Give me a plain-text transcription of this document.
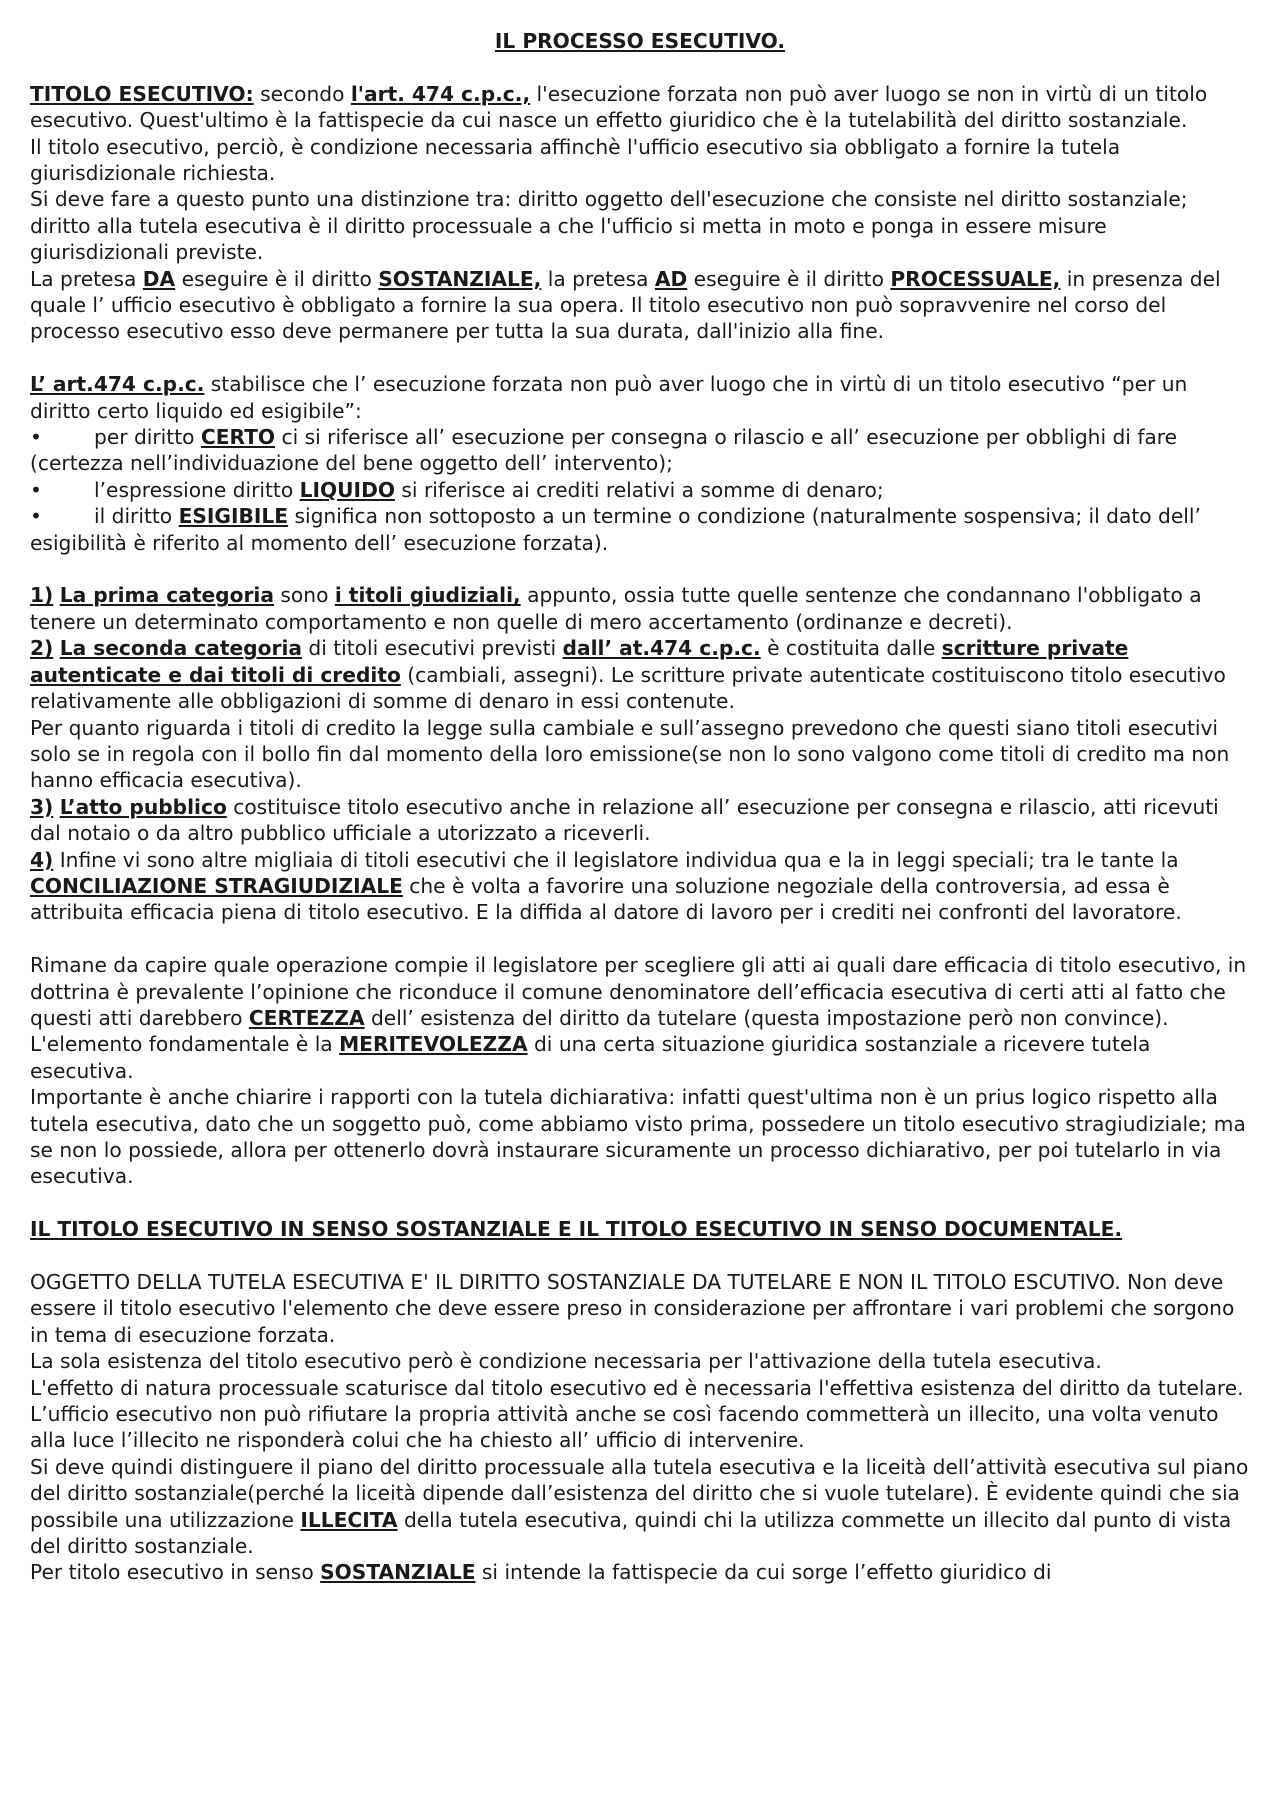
IL PROCESSO ESECUTIVO.

TITOLO ESECUTIVO: secondo l'art. 474 c.p.c., l'esecuzione forzata non può aver luogo se non in virtù di un titolo esecutivo. Quest'ultimo è la fattispecie da cui nasce un effetto giuridico che è la tutelabilità del diritto sostanziale.

Il titolo esecutivo, perciò, è condizione necessaria affinchè l'ufficio esecutivo sia obbligato a fornire la tutela giurisdizionale richiesta.

Si deve fare a questo punto una distinzione tra: diritto oggetto dell'esecuzione che consiste nel diritto sostanziale; diritto alla tutela esecutiva è il diritto processuale a che l'ufficio si metta in moto e ponga in essere misure giurisdizionali previste.

La pretesa DA eseguire è il diritto SOSTANZIALE, la pretesa AD eseguire è il diritto PROCESSUALE, in presenza del quale l’ ufficio esecutivo è obbligato a fornire la sua opera. Il titolo esecutivo non può sopravvenire nel corso del processo esecutivo esso deve permanere per tutta la sua durata, dall'inizio alla fine.

L’ art.474 c.p.c. stabilisce che l’ esecuzione forzata non può aver luogo che in virtù di un titolo esecutivo “per un diritto certo liquido ed esigibile”:

•	per diritto CERTO ci si riferisce all’ esecuzione per consegna o rilascio e all’ esecuzione per obblighi di fare (certezza nell’individuazione del bene oggetto dell’ intervento);

•	l’espressione diritto LIQUIDO si riferisce ai crediti relativi a somme di denaro;

•	il diritto ESIGIBILE significa non sottoposto a un termine o condizione (naturalmente sospensiva; il dato dell’ esigibilità è riferito al momento dell’ esecuzione forzata).

1) La prima categoria sono i titoli giudiziali, appunto, ossia tutte quelle sentenze che condannano l'obbligato a tenere un determinato comportamento e non quelle di mero accertamento (ordinanze e decreti).

2) La seconda categoria di titoli esecutivi previsti dall’ at.474 c.p.c. è costituita dalle scritture private autenticate e dai titoli di credito (cambiali, assegni). Le scritture private autenticate costituiscono titolo esecutivo relativamente alle obbligazioni di somme di denaro in essi contenute.

Per quanto riguarda i titoli di credito la legge sulla cambiale e sull’assegno prevedono che questi siano titoli esecutivi solo se in regola con il bollo fin dal momento della loro emissione(se non lo sono valgono come titoli di credito ma non hanno efficacia esecutiva).

3) L’atto pubblico costituisce titolo esecutivo anche in relazione all’ esecuzione per consegna e rilascio, atti ricevuti dal notaio o da altro pubblico ufficiale a utorizzato a riceverli.

4) Infine vi sono altre migliaia di titoli esecutivi che il legislatore individua qua e la in leggi speciali; tra le tante la CONCILIAZIONE STRAGIUDIZIALE che è volta a favorire una soluzione negoziale della controversia, ad essa è attribuita efficacia piena di titolo esecutivo. E la diffida al datore di lavoro per i crediti nei confronti del lavoratore.

Rimane da capire quale operazione compie il legislatore per scegliere gli atti ai quali dare efficacia di titolo esecutivo, in dottrina è prevalente l’opinione che riconduce il comune denominatore dell’efficacia esecutiva di certi atti al fatto che questi atti darebbero CERTEZZA dell’ esistenza del diritto da tutelare (questa impostazione però non convince).

L'elemento fondamentale è la MERITEVOLEZZA di una certa situazione giuridica sostanziale a ricevere tutela esecutiva.

Importante è anche chiarire i rapporti con la tutela dichiarativa: infatti quest'ultima non è un prius logico rispetto alla tutela esecutiva, dato che un soggetto può, come abbiamo visto prima, possedere un titolo esecutivo stragiudiziale; ma se non lo possiede, allora per ottenerlo dovrà instaurare sicuramente un processo dichiarativo, per poi tutelarlo in via esecutiva.

IL TITOLO ESECUTIVO IN SENSO SOSTANZIALE E IL TITOLO ESECUTIVO IN SENSO DOCUMENTALE.

OGGETTO DELLA TUTELA ESECUTIVA E' IL DIRITTO SOSTANZIALE DA TUTELARE E NON IL TITOLO ESCUTIVO. Non deve essere il titolo esecutivo l'elemento che deve essere preso in considerazione per affrontare i vari problemi che sorgono in tema di esecuzione forzata.

La sola esistenza del titolo esecutivo però è condizione necessaria per l'attivazione della tutela esecutiva.

L'effetto di natura processuale scaturisce dal titolo esecutivo ed è necessaria l'effettiva esistenza del diritto da tutelare.

L’ufficio esecutivo non può rifiutare la propria attività anche se così facendo commetterà un illecito, una volta venuto alla luce l’illecito ne risponderà colui che ha chiesto all’ ufficio di intervenire.

Si deve quindi distinguere il piano del diritto processuale alla tutela esecutiva e la liceità dell’attività esecutiva sul piano del diritto sostanziale(perché la liceità dipende dall’esistenza del diritto che si vuole tutelare). È evidente quindi che sia possibile una utilizzazione ILLECITA della tutela esecutiva, quindi chi la utilizza commette un illecito dal punto di vista del diritto sostanziale.

Per titolo esecutivo in senso SOSTANZIALE si intende la fattispecie da cui sorge l’effetto giuridico di
